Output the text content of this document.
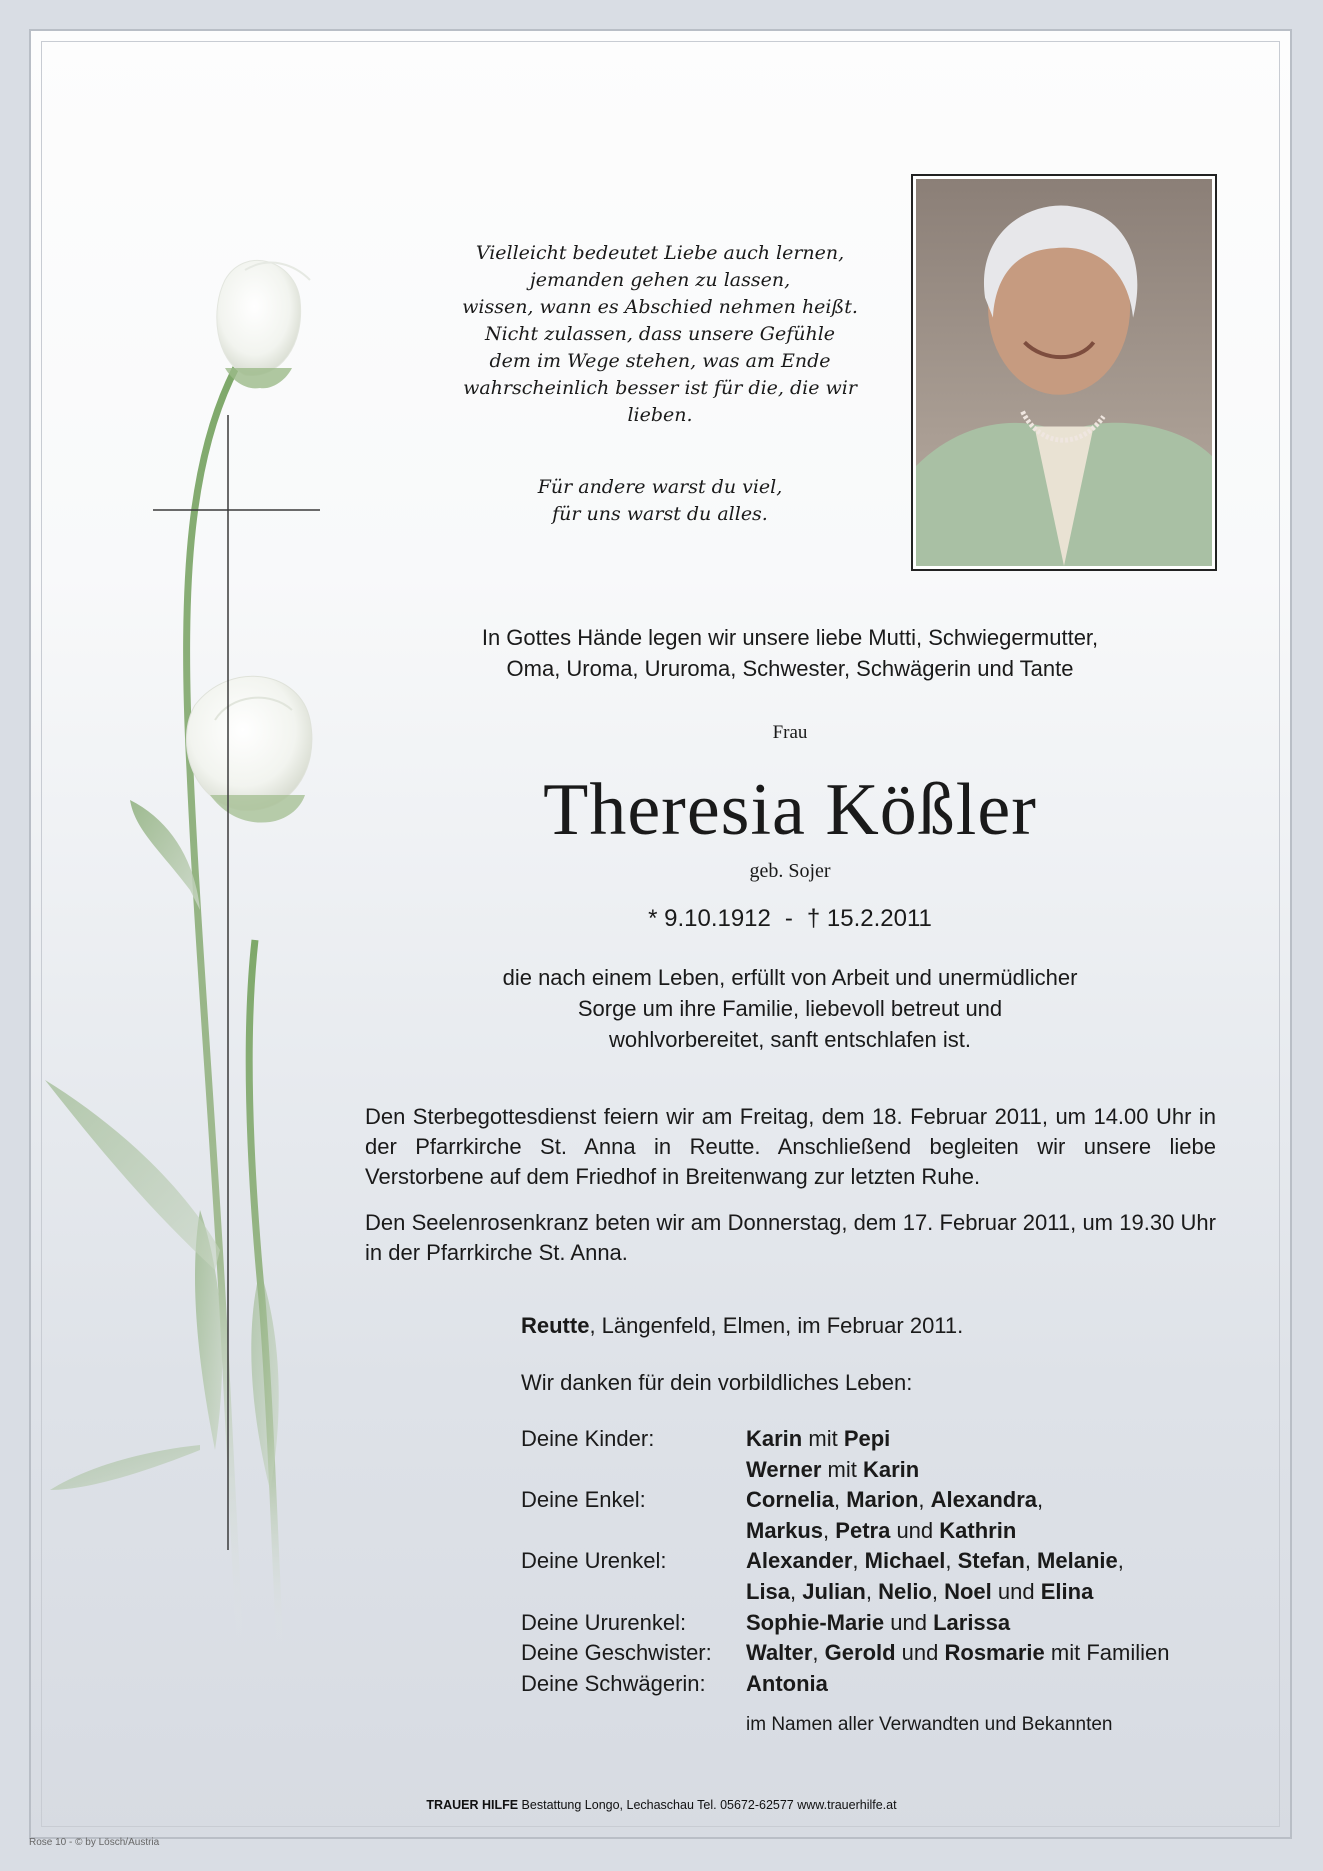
Vielleicht bedeutet Liebe auch lernen,

jemanden gehen zu lassen,

wissen, wann es Abschied nehmen heißt.

Nicht zulassen, dass unsere Gefühle

dem im Wege stehen, was am Ende

wahrscheinlich besser ist für die, die wir lieben.

Für andere warst du viel,

für uns warst du alles.

In Gottes Hände legen wir unsere liebe Mutti, Schwiegermutter,
Oma, Uroma, Ururoma, Schwester, Schwägerin und Tante
Frau
Theresia Kößler
geb. Sojer
* 9.10.1912 - † 15.2.2011
die nach einem Leben, erfüllt von Arbeit und unermüdlicher
Sorge um ihre Familie, liebevoll betreut und
wohlvorbereitet, sanft entschlafen ist.
Den Sterbegottesdienst feiern wir am Freitag, dem 18. Februar 2011, um 14.00 Uhr in der Pfarrkirche St. Anna in Reutte. Anschließend begleiten wir unsere liebe Verstorbene auf dem Friedhof in Breitenwang zur letzten Ruhe.
Den Seelenrosenkranz beten wir am Donnerstag, dem 17. Februar 2011, um 19.30 Uhr in der Pfarrkirche St. Anna.
Reutte, Längenfeld, Elmen, im Februar 2011.
Wir danken für dein vorbildliches Leben:
Deine Kinder:	Karin mit Pepi
Werner mit Karin
Deine Enkel:	Cornelia, Marion, Alexandra,
Markus, Petra und Kathrin
Deine Urenkel:	Alexander, Michael, Stefan, Melanie,
Lisa, Julian, Nelio, Noel und Elina
Deine Ururenkel:	Sophie-Marie und Larissa
Deine Geschwister:	Walter, Gerold und Rosmarie mit Familien
Deine Schwägerin:	Antonia
im Namen aller Verwandten und Bekannten
TRAUER HILFE Bestattung Longo, Lechaschau Tel. 05672-62577 www.trauerhilfe.at
Rose 10 - © by Lösch/Austria
